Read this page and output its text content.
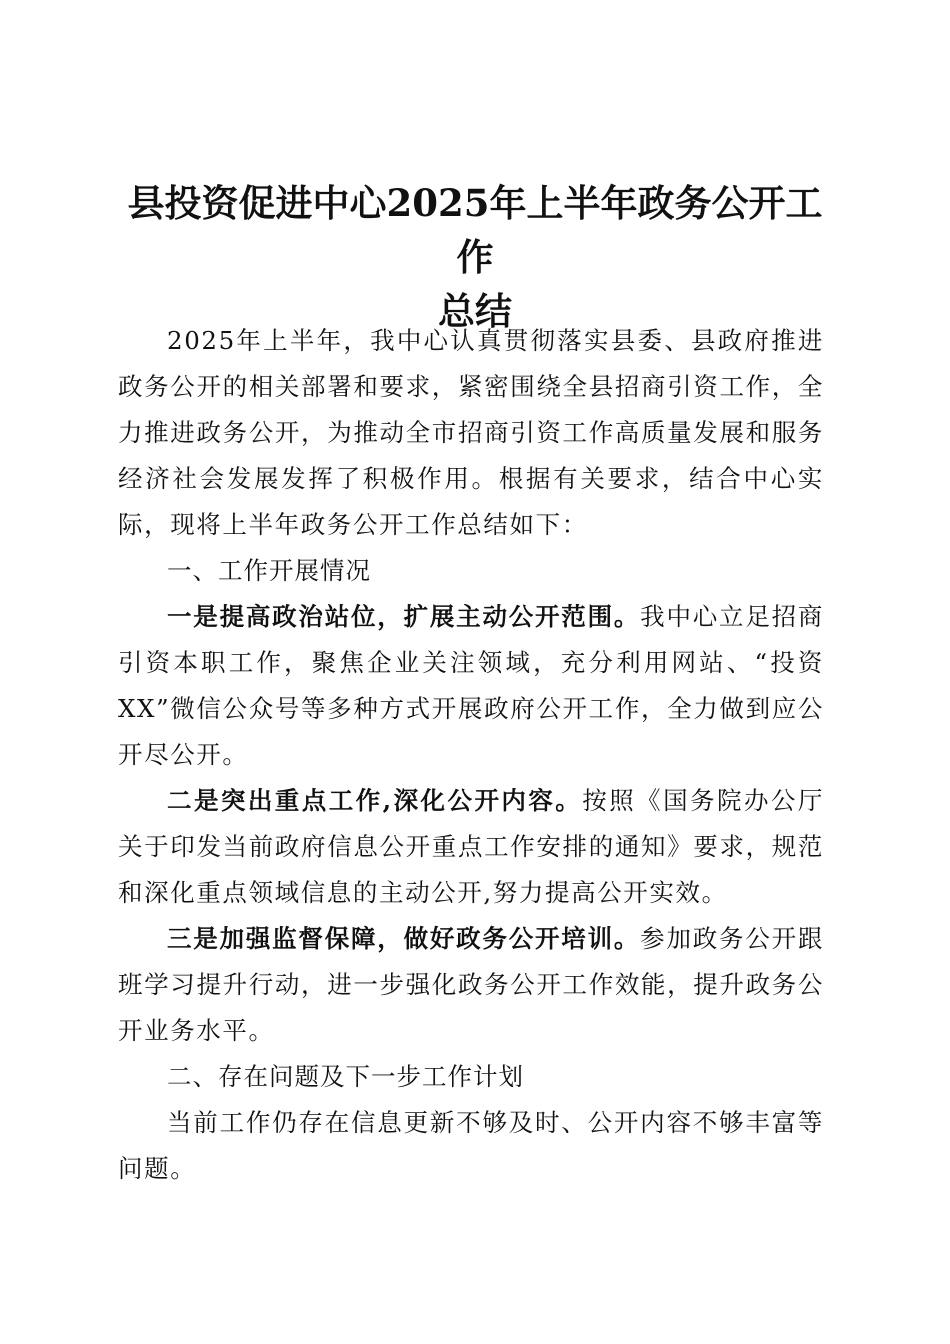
县投资促进中心2025年上半年政务公开工作
总结

2025年上半年，我中心认真贯彻落实县委、县政府推进政务公开的相关部署和要求，紧密围绕全县招商引资工作，全力推进政务公开，为推动全市招商引资工作高质量发展和服务经济社会发展发挥了积极作用。根据有关要求，结合中心实际，现将上半年政务公开工作总结如下：

一、工作开展情况

一是提高政治站位，扩展主动公开范围。我中心立足招商引资本职工作，聚焦企业关注领域，充分利用网站、“投资XX”微信公众号等多种方式开展政府公开工作，全力做到应公开尽公开。

二是突出重点工作,深化公开内容。按照《国务院办公厅关于印发当前政府信息公开重点工作安排的通知》要求，规范和深化重点领域信息的主动公开,努力提高公开实效。

三是加强监督保障，做好政务公开培训。参加政务公开跟班学习提升行动，进一步强化政务公开工作效能，提升政务公开业务水平。

二、存在问题及下一步工作计划

当前工作仍存在信息更新不够及时、公开内容不够丰富等问题。
